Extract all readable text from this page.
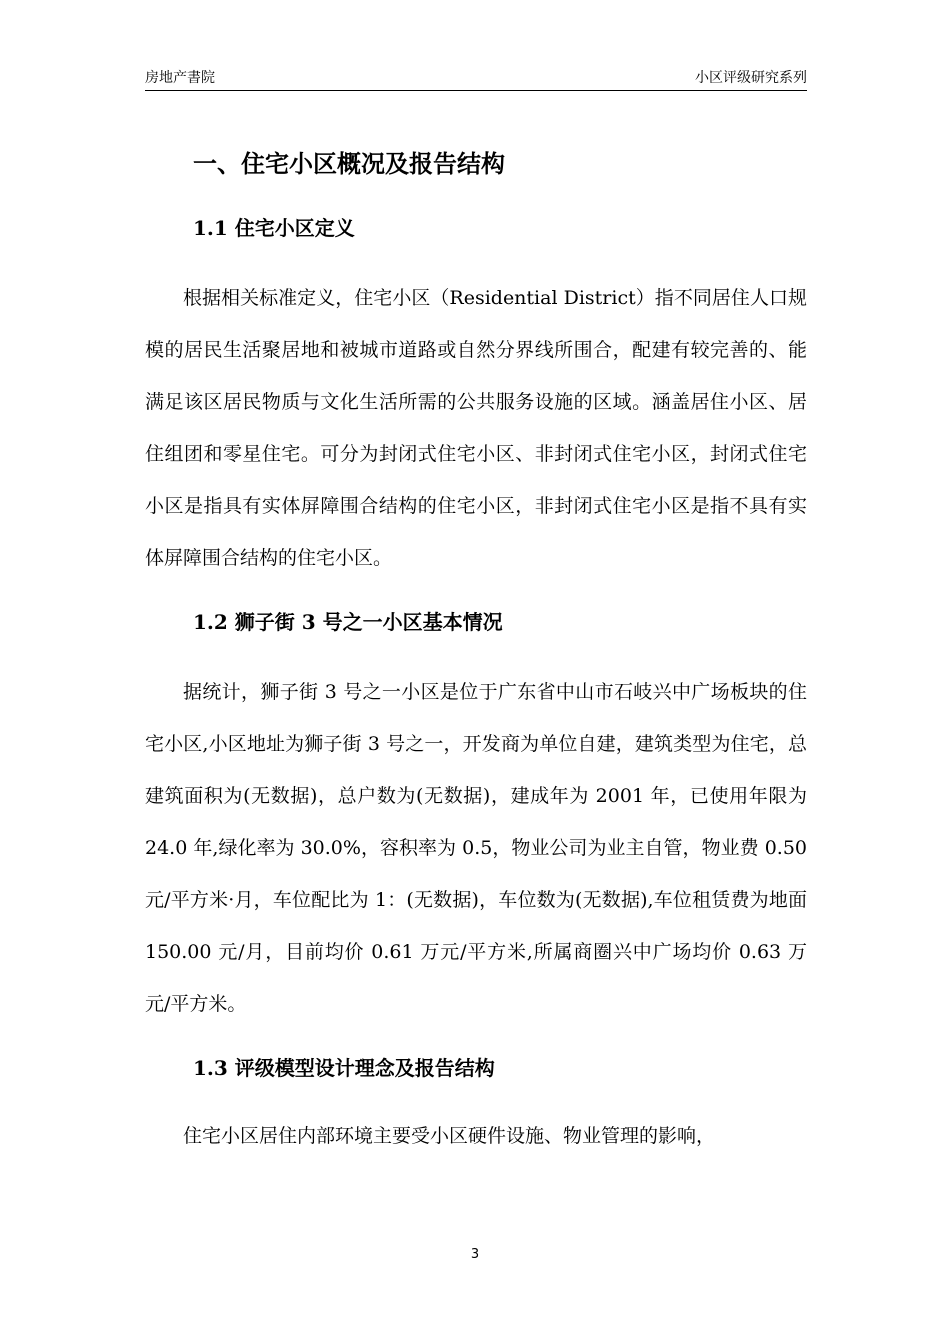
房地产書院	小区评级研究系列
一、住宅小区概况及报告结构
1.1 住宅小区定义

根据相关标准定义，住宅小区（Residential District）指不同居住人口规模的居民生活聚居地和被城市道路或自然分界线所围合，配建有较完善的、能满足该区居民物质与文化生活所需的公共服务设施的区域。涵盖居住小区、居住组团和零星住宅。可分为封闭式住宅小区、非封闭式住宅小区，封闭式住宅小区是指具有实体屏障围合结构的住宅小区，非封闭式住宅小区是指不具有实体屏障围合结构的住宅小区。

1.2 狮子街 3 号之一小区基本情况

据统计，狮子街 3 号之一小区是位于广东省中山市石岐兴中广场板块的住宅小区,小区地址为狮子街 3 号之一，开发商为单位自建，建筑类型为住宅，总建筑面积为(无数据)，总户数为(无数据)，建成年为 2001 年，已使用年限为 24.0 年,绿化率为 30.0%，容积率为 0.5，物业公司为业主自管，物业费 0.50 元/平方米·月，车位配比为 1：(无数据)，车位数为(无数据),车位租赁费为地面 150.00 元/月，目前均价 0.61 万元/平方米,所属商圈兴中广场均价 0.63 万元/平方米。

1.3 评级模型设计理念及报告结构

住宅小区居住内部环境主要受小区硬件设施、物业管理的影响，

3
